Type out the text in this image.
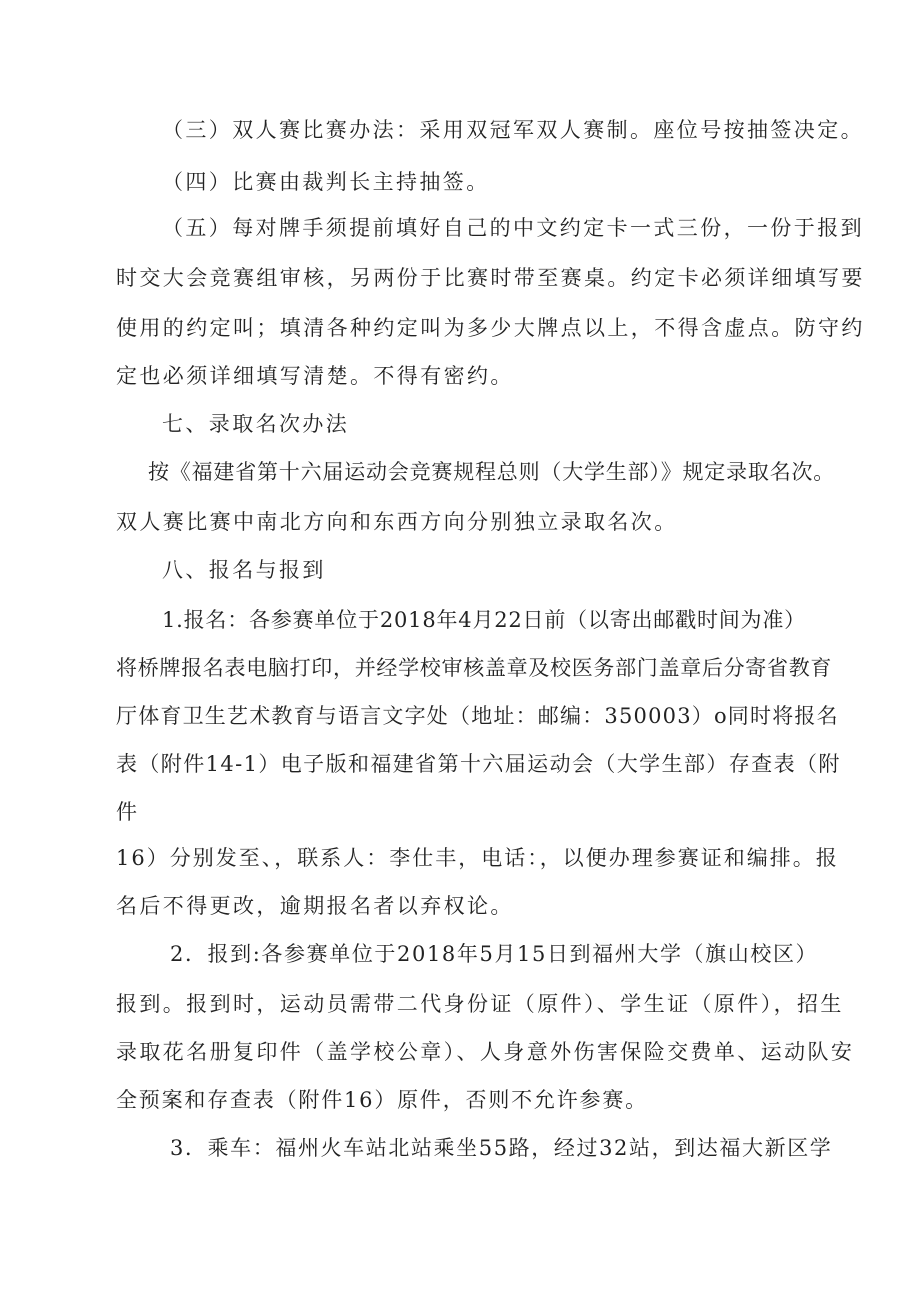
（三）双人赛比赛办法：采用双冠军双人赛制。座位号按抽签决定。
（四）比赛由裁判长主持抽签。
（五）每对牌手须提前填好自己的中文约定卡一式三份，一份于报到
时交大会竞赛组审核，另两份于比赛时带至赛桌。约定卡必须详细填写要
使用的约定叫；填清各种约定叫为多少大牌点以上，不得含虚点。防守约
定也必须详细填写清楚。不得有密约。
七、录取名次办法
按《福建省第十六届运动会竞赛规程总则（大学生部）》规定录取名次。
双人赛比赛中南北方向和东西方向分别独立录取名次。
八、报名与报到
1.报名：各参赛单位于2018年4月22日前（以寄出邮戳时间为准）
将桥牌报名表电脑打印，并经学校审核盖章及校医务部门盖章后分寄省教育
厅体育卫生艺术教育与语言文字处（地址：邮编：350003）o同时将报名
表（附件14-1）电子版和福建省第十六届运动会（大学生部）存查表（附
件
16）分别发至、，联系人：李仕丰，电话：，以便办理参赛证和编排。报
名后不得更改，逾期报名者以弃权论。
2．报到:各参赛单位于2018年5月15日到福州大学（旗山校区）
报到。报到时，运动员需带二代身份证（原件）、学生证（原件），招生
录取花名册复印件（盖学校公章）、人身意外伤害保险交费单、运动队安
全预案和存查表（附件16）原件，否则不允许参赛。
3．乘车：福州火车站北站乘坐55路，经过32站，到达福大新区学
